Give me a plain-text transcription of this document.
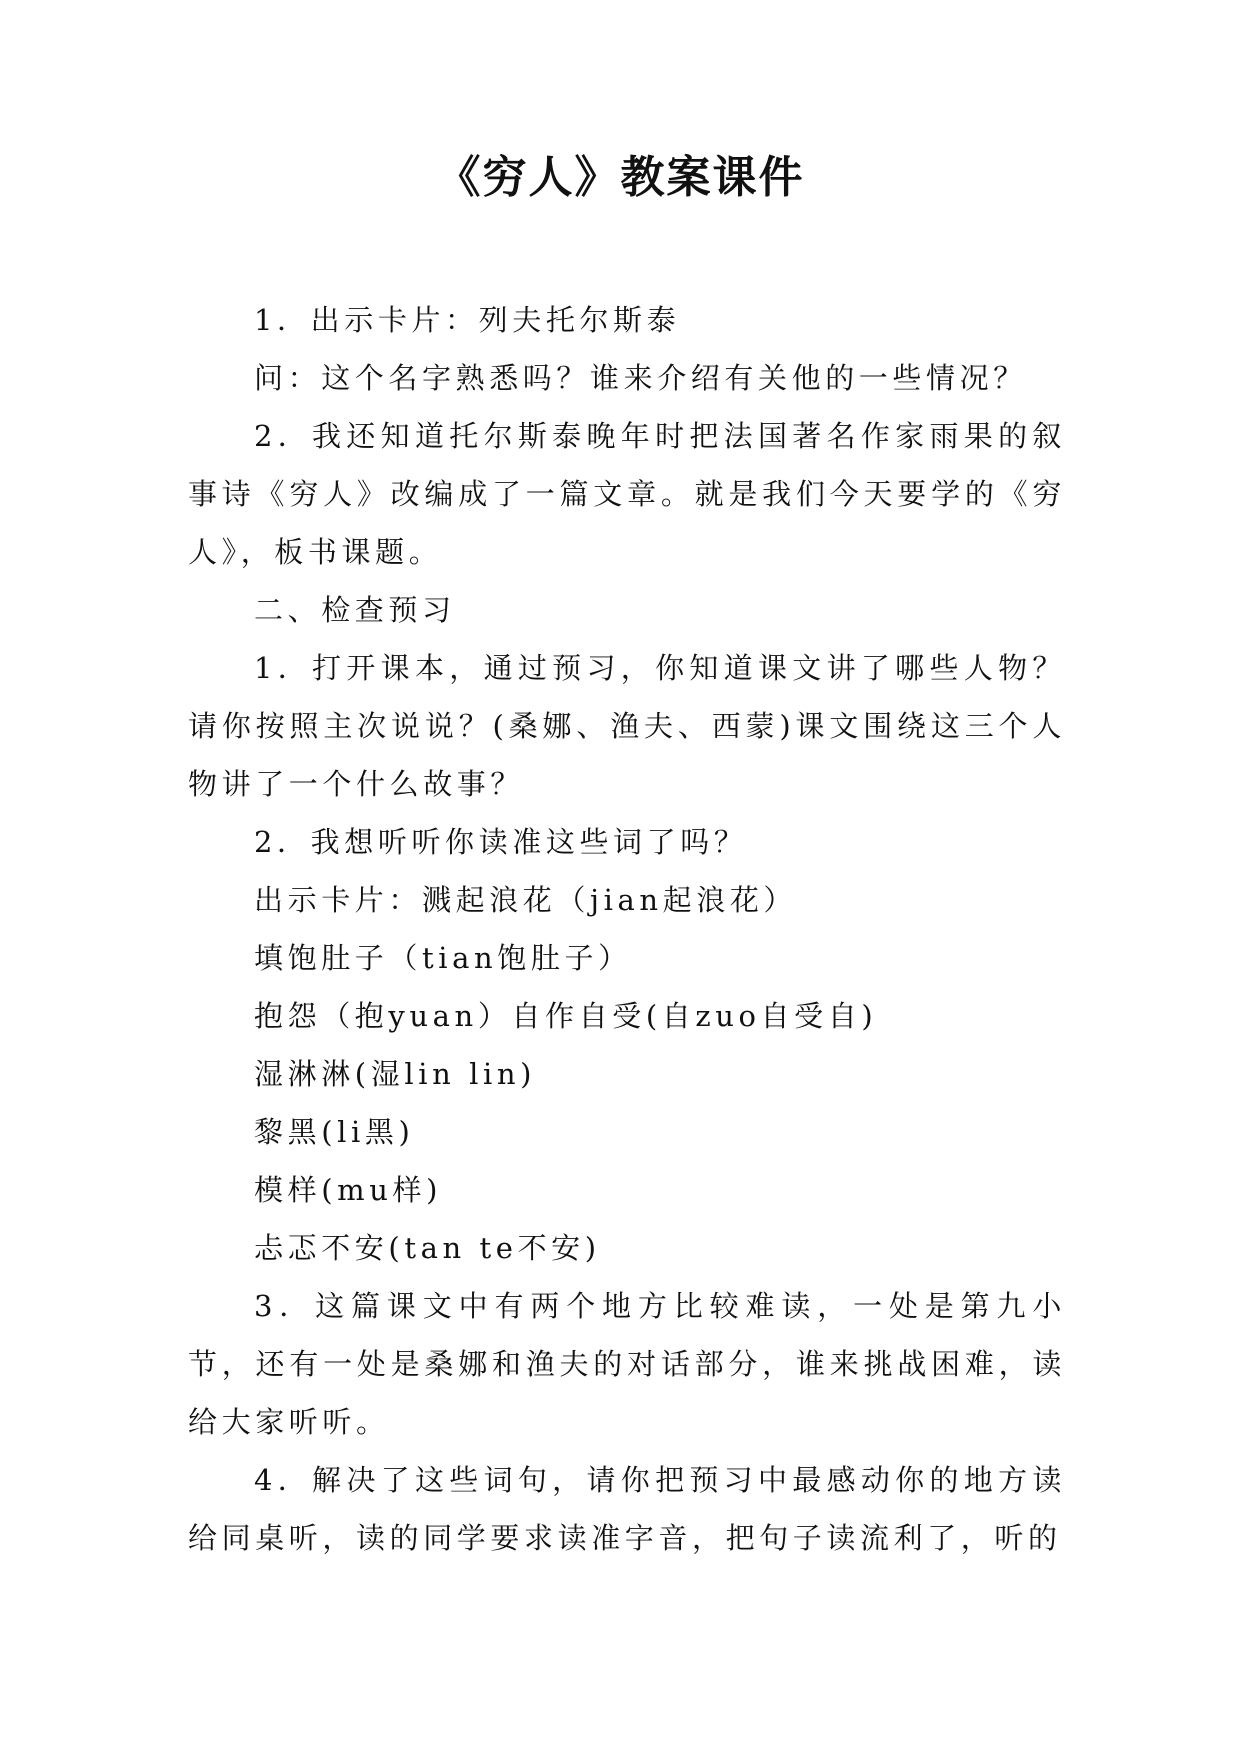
《穷人》教案课件

1．出示卡片：列夫托尔斯泰

问：这个名字熟悉吗？谁来介绍有关他的一些情况？

2．我还知道托尔斯泰晚年时把法国著名作家雨果的叙事诗《穷人》改编成了一篇文章。就是我们今天要学的《穷人》，板书课题。

二、检查预习

1．打开课本，通过预习，你知道课文讲了哪些人物？请你按照主次说说？(桑娜、渔夫、西蒙)课文围绕这三个人物讲了一个什么故事？

2．我想听听你读准这些词了吗？

出示卡片：溅起浪花（jian起浪花）

填饱肚子（tian饱肚子）

抱怨（抱yuan）自作自受(自zuo自受自)

湿淋淋(湿lin lin)

黎黑(li黑)

模样(mu样)

忐忑不安(tan te不安)

3．这篇课文中有两个地方比较难读，一处是第九小节，还有一处是桑娜和渔夫的对话部分，谁来挑战困难，读给大家听听。

4．解决了这些词句，请你把预习中最感动你的地方读给同桌听，读的同学要求读准字音，把句子读流利了，听的
